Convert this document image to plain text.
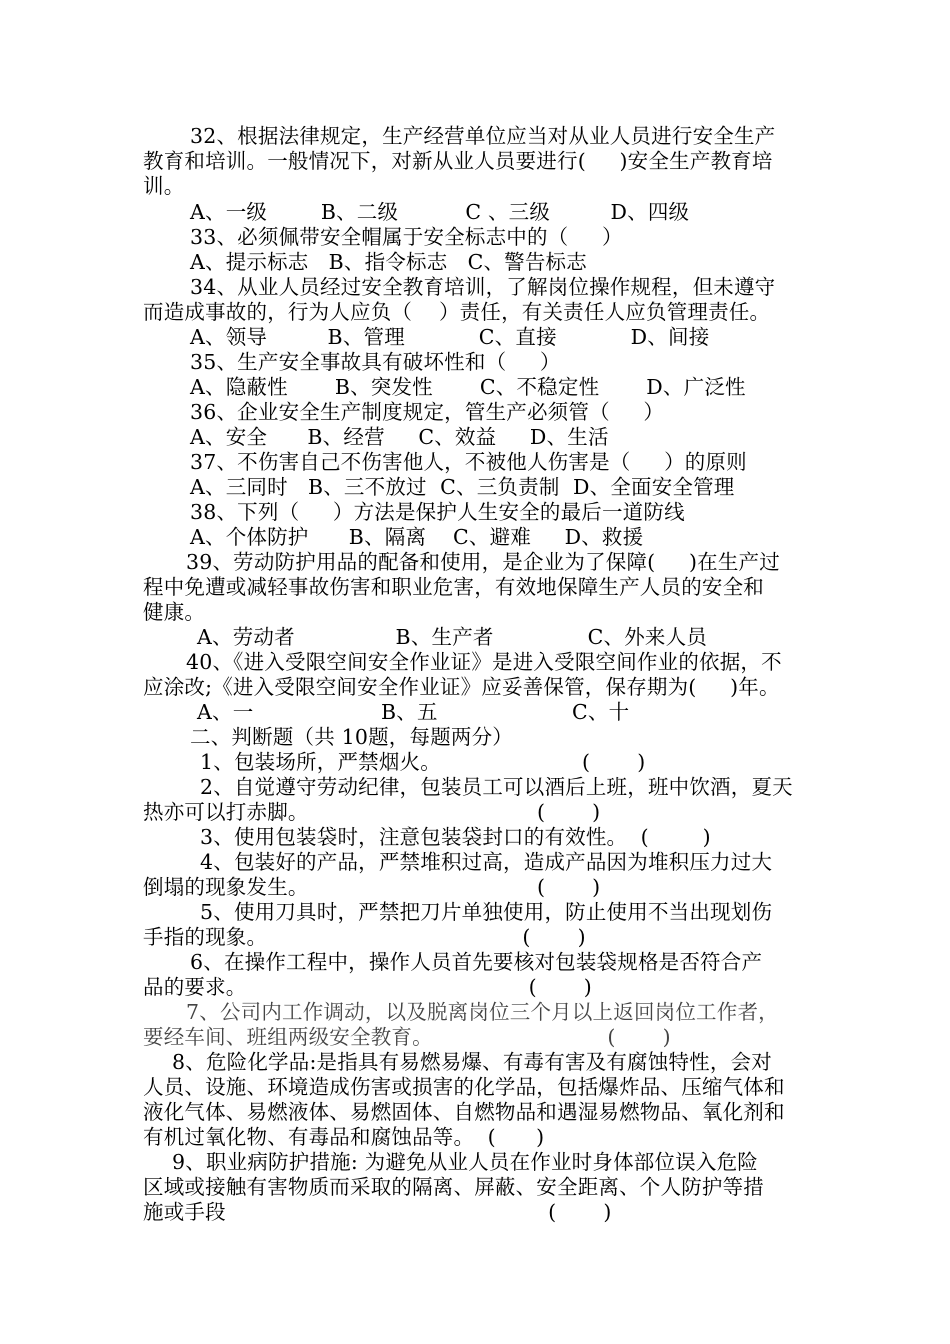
32、根据法律规定，生产经营单位应当对从业人员进行安全生产
教育和培训。一般情况下，对新从业人员要进行(     )安全生产教育培
训。
A、一级        B、二级          C 、三级         D、四级
33、必须佩带安全帽属于安全标志中的（     ）
A、提示标志   B、指令标志   C、警告标志
34、从业人员经过安全教育培训，了解岗位操作规程，但未遵守
而造成事故的，行为人应负（    ）责任，有关责任人应负管理责任。
A、领导         B、管理           C、直接           D、间接
35、生产安全事故具有破坏性和（     ）
A、隐蔽性       B、突发性       C、不稳定性       D、广泛性
36、企业安全生产制度规定，管生产必须管（     ）
A、安全      B、经营     C、效益     D、生活
37、不伤害自己不伤害他人，不被他人伤害是（     ）的原则
A、三同时   B、三不放过  C、三负责制  D、全面安全管理
38、下列（     ）方法是保护人生安全的最后一道防线
A、个体防护      B、隔离    C、避难     D、救援
39、劳动防护用品的配备和使用，是企业为了保障(     )在生产过
程中免遭或减轻事故伤害和职业危害，有效地保障生产人员的安全和
健康。
A、劳动者               B、生产者              C、外来人员
40、《进入受限空间安全作业证》是进入受限空间作业的依据，不
应涂改;《进入受限空间安全作业证》应妥善保管，保存期为(     )年。
A、一                   B、五                    C、十
二、判断题（共 10题，每题两分）
1、包装场所，严禁烟火。                     (       )
2、自觉遵守劳动纪律，包装员工可以酒后上班，班中饮酒，夏天
热亦可以打赤脚。                                  (       )
3、使用包装袋时，注意包装袋封口的有效性。  (        )
4、包装好的产品，严禁堆积过高，造成产品因为堆积压力过大
倒塌的现象发生。                                  (       )
5、使用刀具时，严禁把刀片单独使用，防止使用不当出现划伤
手指的现象。                                      (       )
6、在操作工程中，操作人员首先要核对包装袋规格是否符合产
品的要求。                                          (       )
7、公司内工作调动，以及脱离岗位三个月以上返回岗位工作者，
要经车间、班组两级安全教育。                          (       )
8、危险化学品:是指具有易燃易爆、有毒有害及有腐蚀特性，会对
人员、设施、环境造成伤害或损害的化学品，包括爆炸品、压缩气体和
液化气体、易燃液体、易燃固体、自燃物品和遇湿易燃物品、氧化剂和
有机过氧化物、有毒品和腐蚀品等。  (      )
9、职业病防护措施: 为避免从业人员在作业时身体部位误入危险
区域或接触有害物质而采取的隔离、屏蔽、安全距离、个人防护等措
施或手段                                                (       )
